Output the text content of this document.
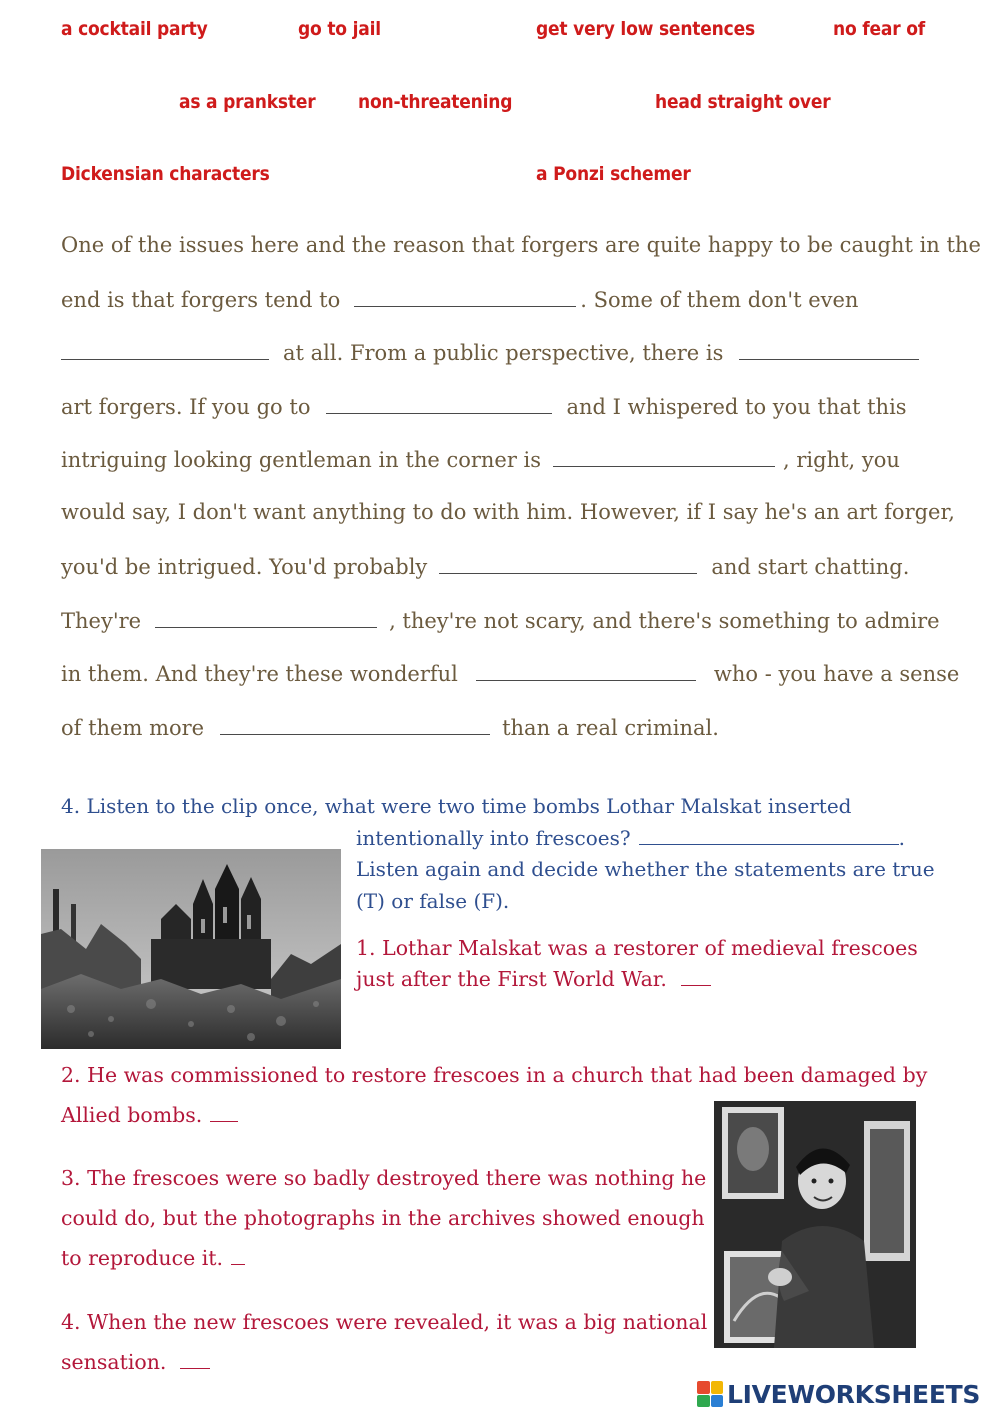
a cocktail party	go to jail	get very low sentences	no fear of
as a prankster non-threatening	head straight over
Dickensian characters	a Ponzi schemer
One of the issues here and the reason that forgers are quite happy to be caught in the
end is that forgers tend to	. Some of them don't even
at all. From a public perspective, there is
art forgers. If you go to	and I whispered to you that this
intriguing looking gentleman in the corner is	, right, you
would say, I don't want anything to do with him. However, if I say he's an art forger,
you'd be intrigued. You'd probably	and start chatting.
They're	, they're not scary, and there's something to admire
in them. And they're these wonderful	who - you have a sense
of them more	than a real criminal.
4. Listen to the clip once, what were two time bombs Lothar Malskat inserted
intentionally into frescoes?	.
Listen again and decide whether the statements are true
(T) or false (F).
1. Lothar Malskat was a restorer of medieval frescoes
just after the First World War.
2. He was commissioned to restore frescoes in a church that had been damaged by
Allied bombs.
3. The frescoes were so badly destroyed there was nothing he
could do, but the photographs in the archives showed enough
to reproduce it.
4. When the new frescoes were revealed, it was a big national
sensation.
LIVEWORKSHEETS
